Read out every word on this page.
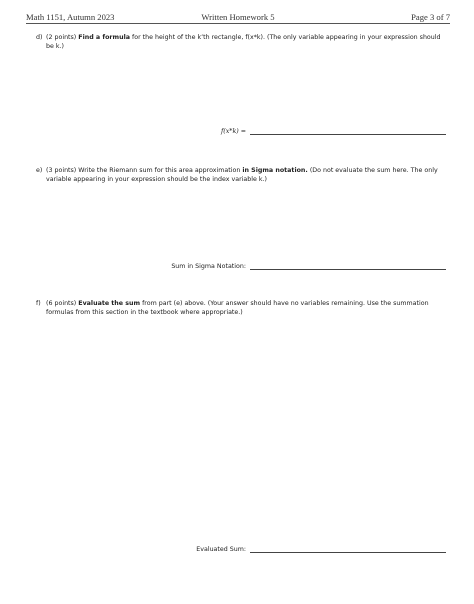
Math 1151, Autumn 2023	Written Homework 5	Page 3 of 7
d) (2 points) Find a formula for the height of the k’th rectangle, f(x*k). (The only variable appearing in your expression should be k.)
f(x*k) =
e) (3 points) Write the Riemann sum for this area approximation in Sigma notation. (Do not evaluate the sum here. The only variable appearing in your expression should be the index variable k.)
Sum in Sigma Notation:
f) (6 points) Evaluate the sum from part (e) above. (Your answer should have no variables remaining. Use the summation formulas from this section in the textbook where appropriate.)
Evaluated Sum:
